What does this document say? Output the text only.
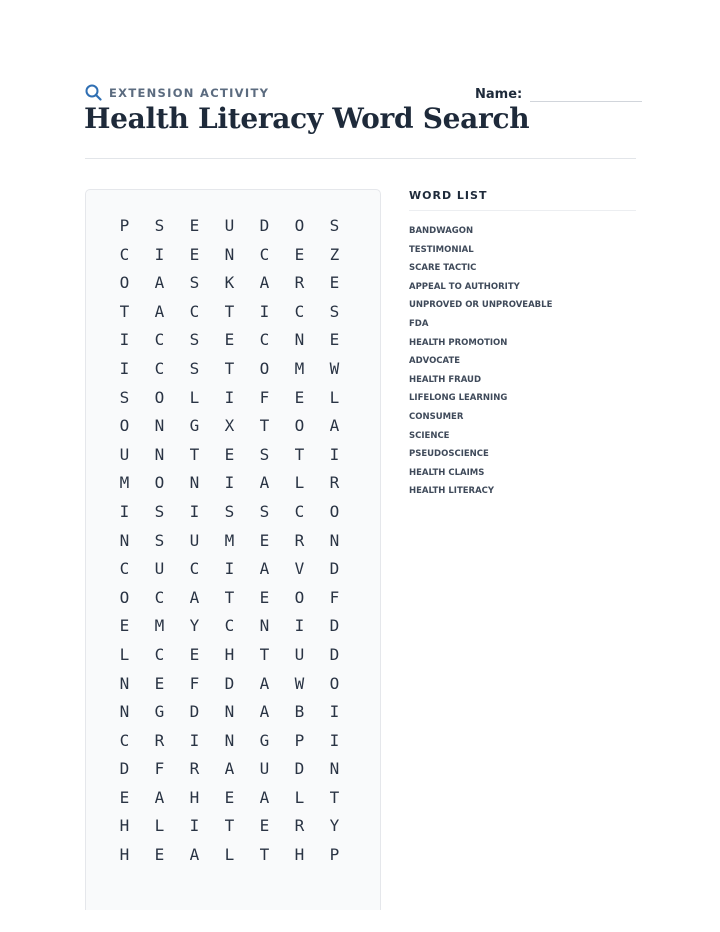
EXTENSION ACTIVITY
Health Literacy Word Search
Name:
P	S	E	U	D	O	S
C	I	E	N	C	E	Z
O	A	S	K	A	R	E
T	A	C	T	I	C	S
I	C	S	E	C	N	E
I	C	S	T	O	M	W
S	O	L	I	F	E	L
O	N	G	X	T	O	A
U	N	T	E	S	T	I
M	O	N	I	A	L	R
I	S	I	S	S	C	O
N	S	U	M	E	R	N
C	U	C	I	A	V	D
O	C	A	T	E	O	F
E	M	Y	C	N	I	D
L	C	E	H	T	U	D
N	E	F	D	A	W	O
N	G	D	N	A	B	I
C	R	I	N	G	P	I
D	F	R	A	U	D	N
E	A	H	E	A	L	T
H	L	I	T	E	R	Y
H	E	A	L	T	H	P
WORD LIST
BANDWAGON
TESTIMONIAL
SCARE TACTIC
APPEAL TO AUTHORITY
UNPROVED OR UNPROVEABLE
FDA
HEALTH PROMOTION
ADVOCATE
HEALTH FRAUD
LIFELONG LEARNING
CONSUMER
SCIENCE
PSEUDOSCIENCE
HEALTH CLAIMS
HEALTH LITERACY
